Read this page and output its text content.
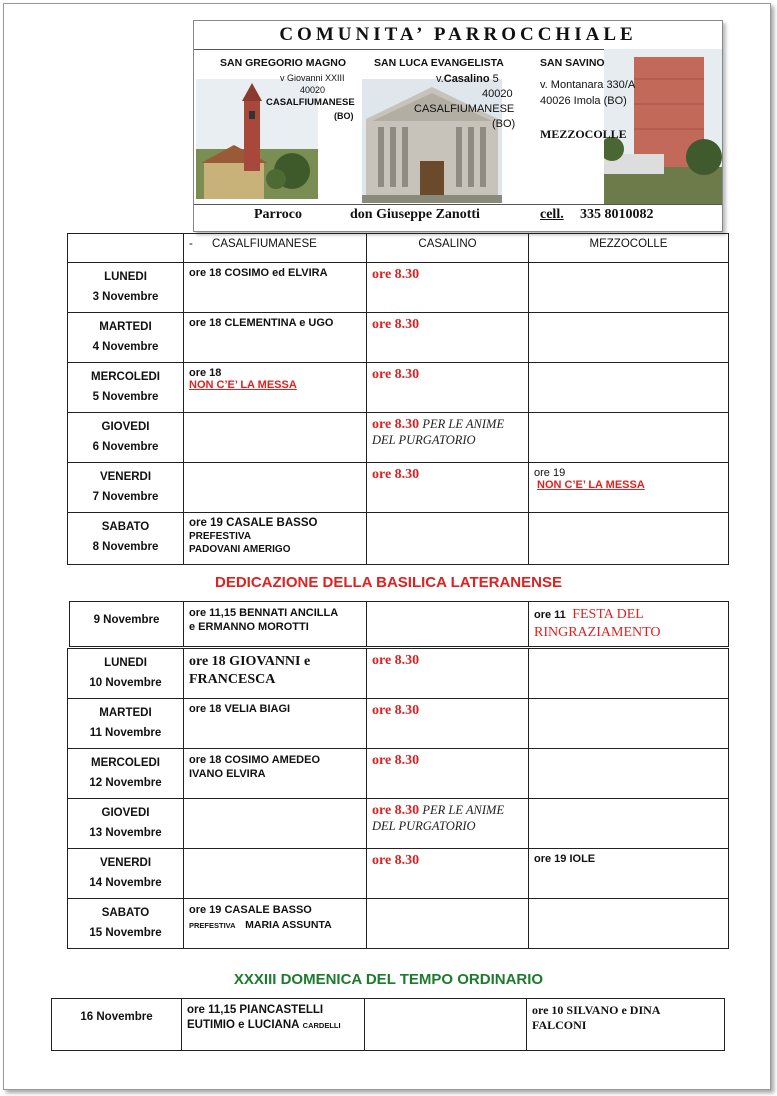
COMUNITA’ PARROCCHIALE
SAN GREGORIO MAGNO
v Giovanni XXIII
40020
CASALFIUMANESE
(BO)
SAN LUCA EVANGELISTA
v.Casalino 5
40020
CASALFIUMANESE
(BO)
SAN SAVINO
v. Montanara 330/A
40026 Imola (BO)
MEZZOCOLLE
Parroco	don Giuseppe Zanotti	cell. 335 8010082
	- CASALFIUMANESE	CASALINO	MEZZOCOLLE
LUNEDI
3 Novembre	ore 18 COSIMO ed ELVIRA	ore 8.30	
MARTEDI
4 Novembre	ore 18 CLEMENTINA e UGO	ore 8.30	
MERCOLEDI
5 Novembre	ore 18
NON C’E’ LA MESSA	ore 8.30	
GIOVEDI
6 Novembre		ore 8.30 PER LE ANIME
DEL PURGATORIO	
VENERDI
7 Novembre		ore 8.30	ore 19
NON C’E’ LA MESSA
SABATO
8 Novembre	ore 19 CASALE BASSO
PREFESTIVA
PADOVANI AMERIGO		
DEDICAZIONE DELLA BASILICA LATERANENSE
9 Novembre	ore 11,15 BENNATI ANCILLA
e ERMANNO MOROTTI		ore 11 FESTA DEL
RINGRAZIAMENTO
LUNEDI
10 Novembre	ore 18 GIOVANNI e
FRANCESCA	ore 8.30	
MARTEDI
11 Novembre	ore 18 VELIA BIAGI	ore 8.30	
MERCOLEDI
12 Novembre	ore 18 COSIMO AMEDEO
IVANO ELVIRA	ore 8.30	
GIOVEDI
13 Novembre		ore 8.30 PER LE ANIME
DEL PURGATORIO	
VENERDI
14 Novembre		ore 8.30	ore 19 IOLE
SABATO
15 Novembre	ore 19 CASALE BASSO
PREFESTIVA MARIA ASSUNTA		
XXXIII DOMENICA DEL TEMPO ORDINARIO
16 Novembre	ore 11,15 PIANCASTELLI
EUTIMIO e LUCIANA CARDELLI		ore 10 SILVANO e DINA
FALCONI
